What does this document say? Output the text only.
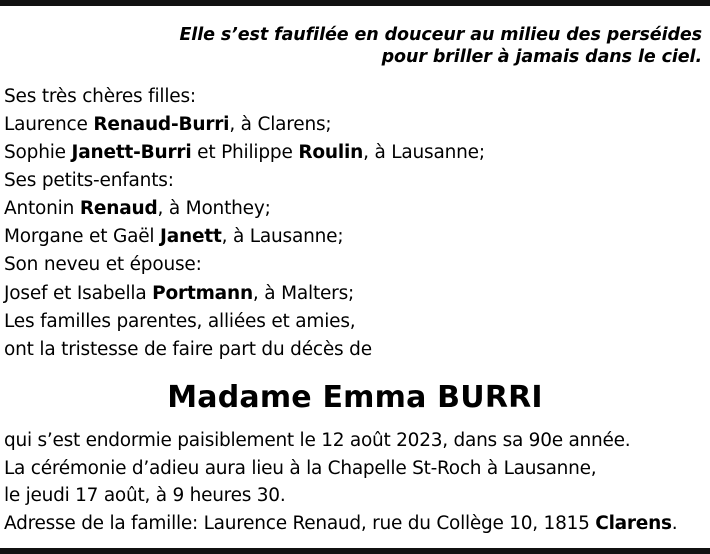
Elle s’est faufilée en douceur au milieu des perséides
pour briller à jamais dans le ciel.
Ses très chères filles:
Laurence Renaud-Burri, à Clarens;
Sophie Janett-Burri et Philippe Roulin, à Lausanne;
Ses petits-enfants:
Antonin Renaud, à Monthey;
Morgane et Gaël Janett, à Lausanne;
Son neveu et épouse:
Josef et Isabella Portmann, à Malters;
Les familles parentes, alliées et amies,
ont la tristesse de faire part du décès de
Madame Emma BURRI
qui s’est endormie paisiblement le 12 août 2023, dans sa 90e année.
La cérémonie d’adieu aura lieu à la Chapelle St-Roch à Lausanne,
le jeudi 17 août, à 9 heures 30.
Adresse de la famille: Laurence Renaud, rue du Collège 10, 1815 Clarens.
